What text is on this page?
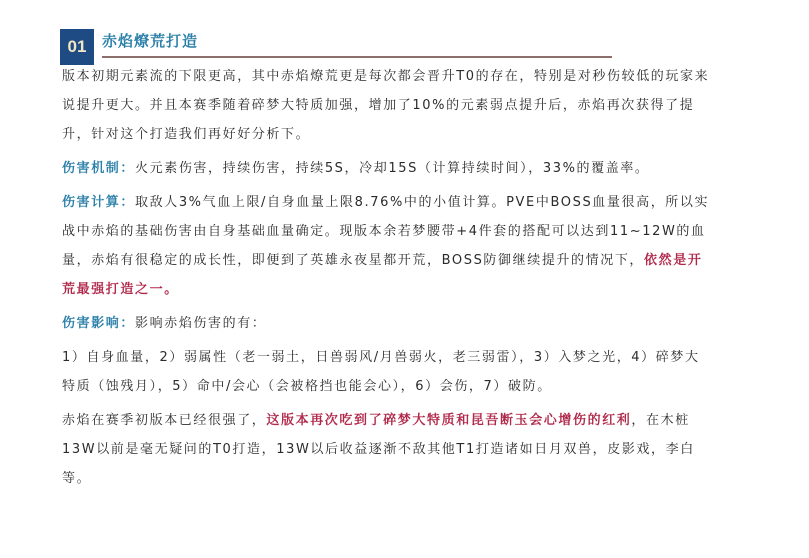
01	赤焰燎荒打造

版本初期元素流的下限更高，其中赤焰燎荒更是每次都会晋升T0的存在，特别是对秒伤较低的玩家来说提升更大。并且本赛季随着碎梦大特质加强，增加了10%的元素弱点提升后，赤焰再次获得了提升，针对这个打造我们再好好分析下。

伤害机制：火元素伤害，持续伤害，持续5S，冷却15S（计算持续时间），33%的覆盖率。

伤害计算：取敌人3%气血上限/自身血量上限8.76%中的小值计算。PVE中BOSS血量很高，所以实战中赤焰的基础伤害由自身基础血量确定。现版本余若梦腰带+4件套的搭配可以达到11~12W的血量，赤焰有很稳定的成长性，即便到了英雄永夜星都开荒，BOSS防御继续提升的情况下，依然是开荒最强打造之一。

伤害影响：影响赤焰伤害的有：

1）自身血量，2）弱属性（老一弱土，日兽弱风/月兽弱火，老三弱雷），3）入梦之光，4）碎梦大特质（蚀残月），5）命中/会心（会被格挡也能会心），6）会伤，7）破防。

赤焰在赛季初版本已经很强了，这版本再次吃到了碎梦大特质和昆吾断玉会心增伤的红利，在木桩13W以前是毫无疑问的T0打造，13W以后收益逐渐不敌其他T1打造诸如日月双兽，皮影戏，李白等。
